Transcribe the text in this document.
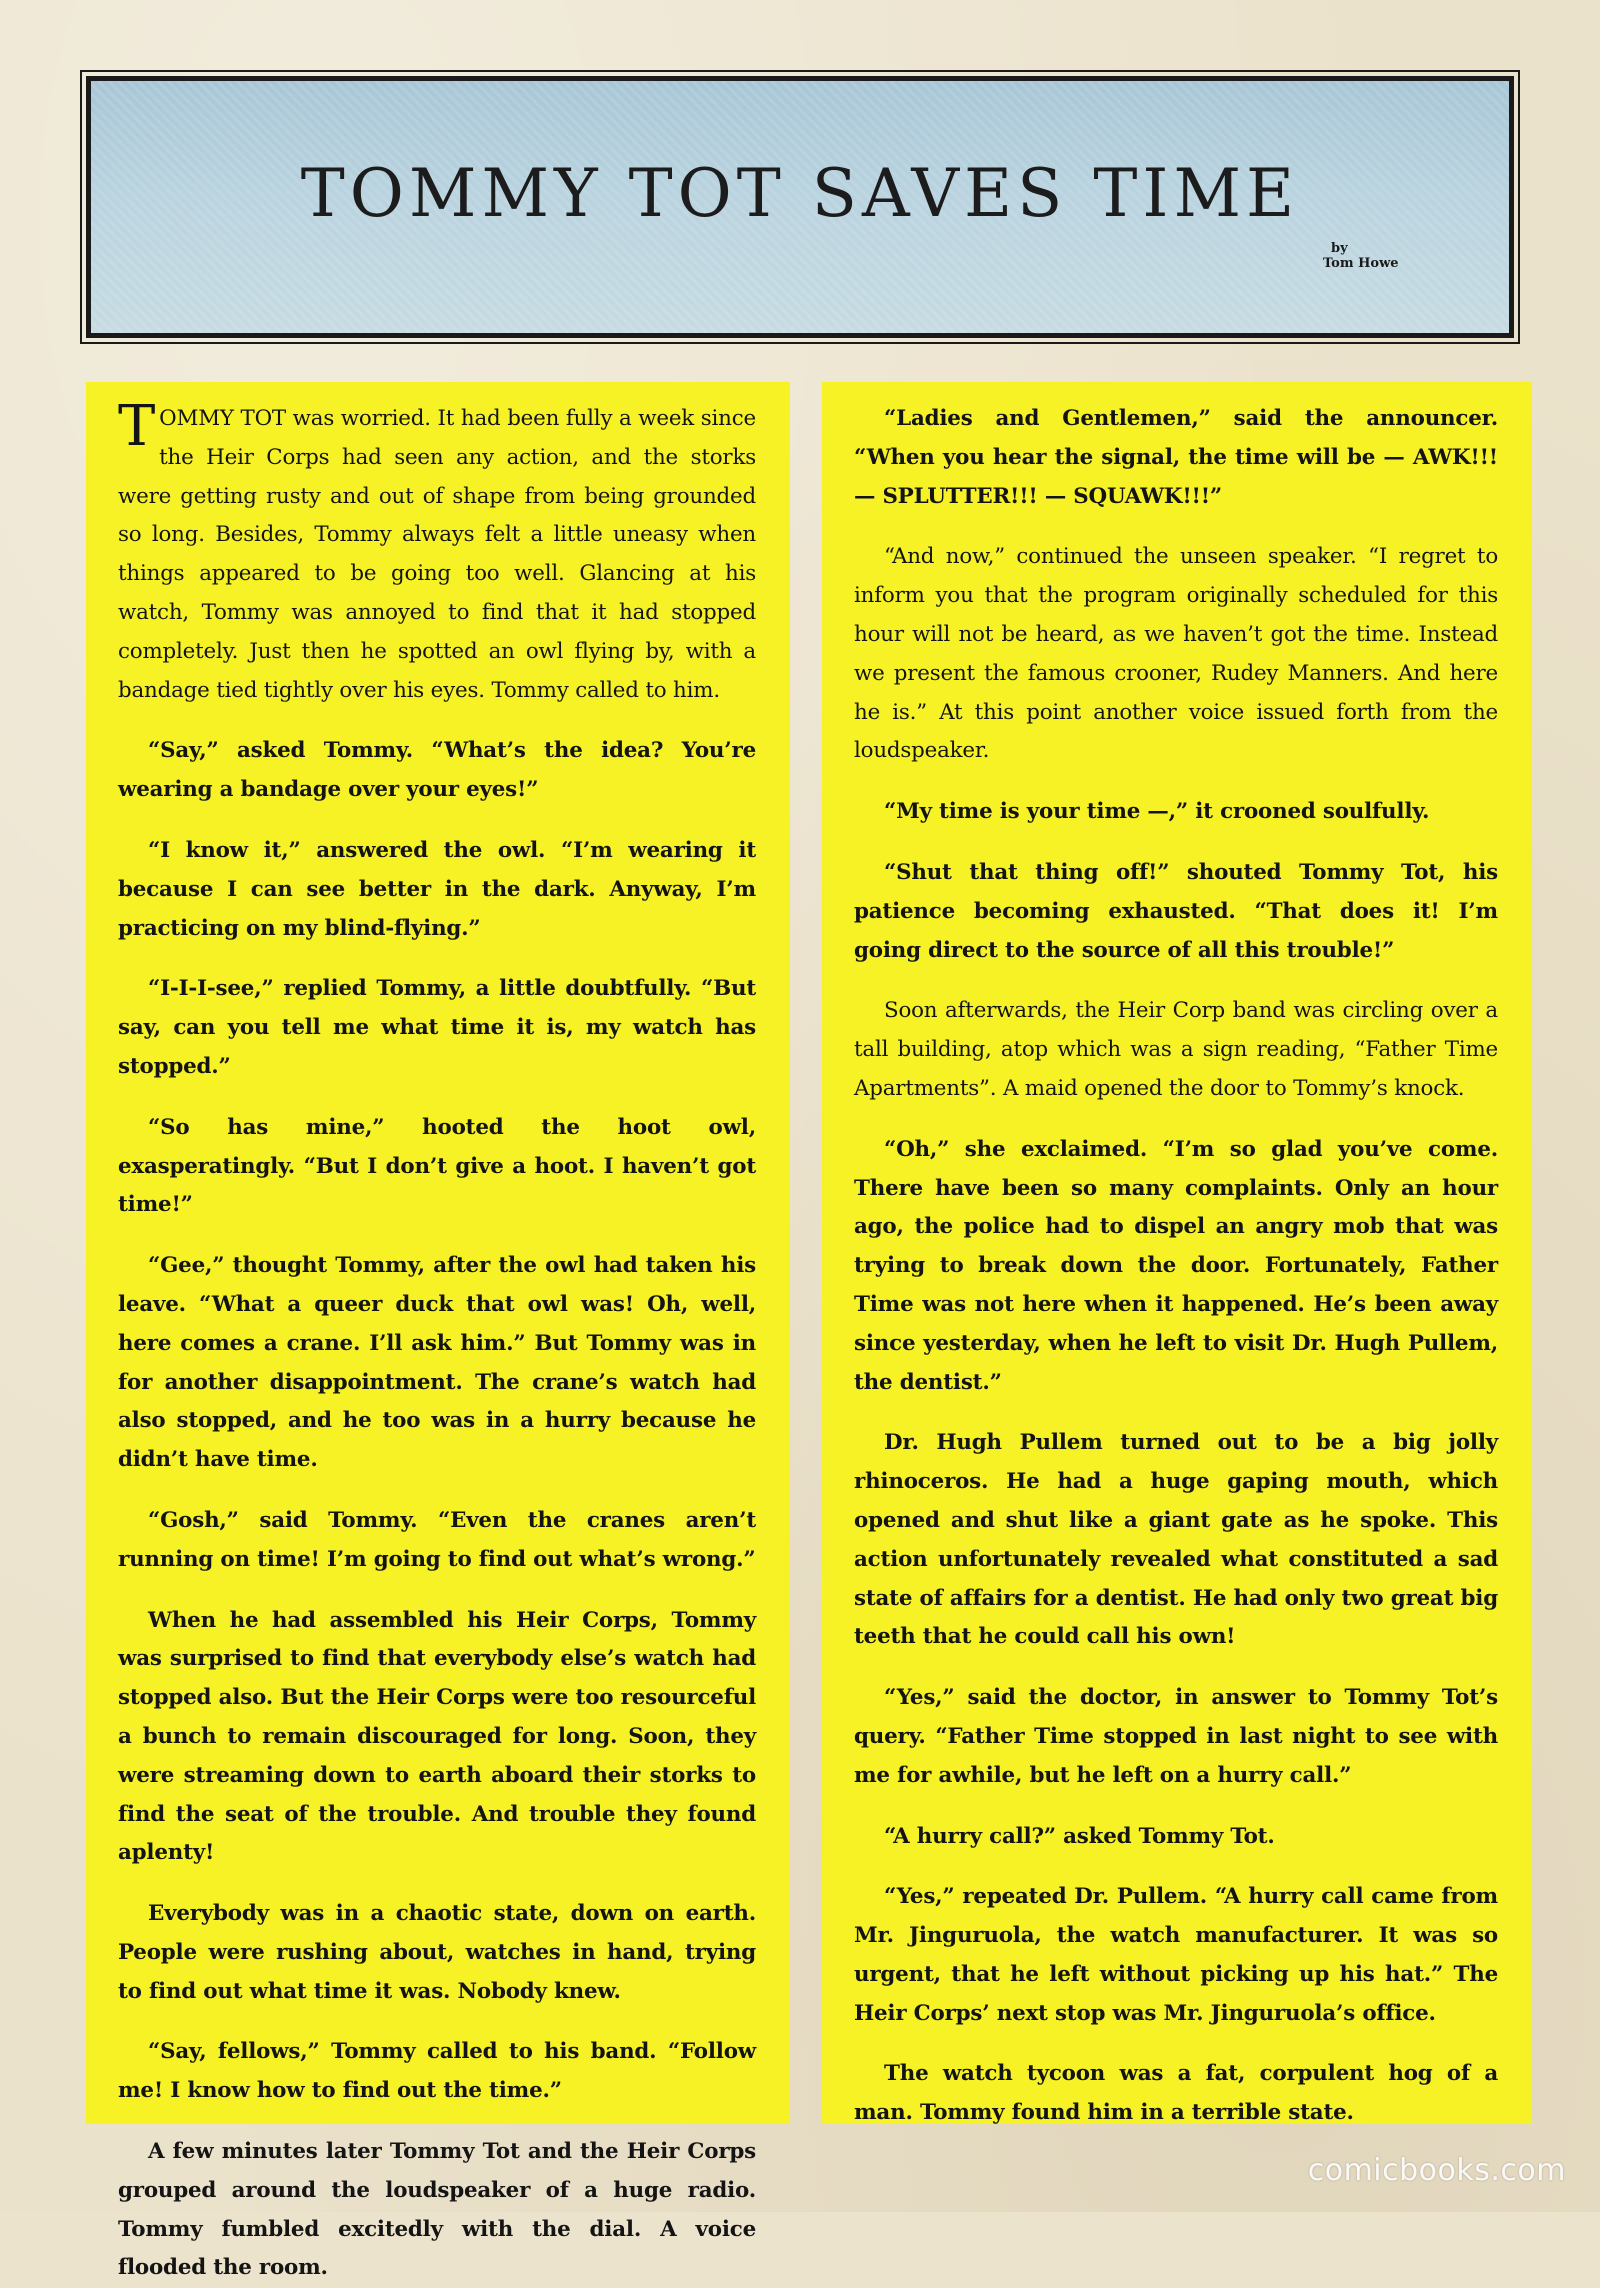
TOMMY TOT SAVES TIME
by
Tom Howe

TOMMY TOT was worried. It had been fully a week since the Heir Corps had seen any action, and the storks were getting rusty and out of shape from being grounded so long. Besides, Tommy always felt a little uneasy when things appeared to be going too well. Glancing at his watch, Tommy was annoyed to find that it had stopped completely. Just then he spotted an owl flying by, with a bandage tied tightly over his eyes. Tommy called to him.

“Say,” asked Tommy. “What’s the idea? You’re wearing a bandage over your eyes!”

“I know it,” answered the owl. “I’m wearing it because I can see better in the dark. Anyway, I’m practicing on my blind-flying.”

“I-I-I-see,” replied Tommy, a little doubtfully. “But say, can you tell me what time it is, my watch has stopped.”

“So has mine,” hooted the hoot owl, exasperatingly. “But I don’t give a hoot. I haven’t got time!”

“Gee,” thought Tommy, after the owl had taken his leave. “What a queer duck that owl was! Oh, well, here comes a crane. I’ll ask him.” But Tommy was in for another disappointment. The crane’s watch had also stopped, and he too was in a hurry because he didn’t have time.

“Gosh,” said Tommy. “Even the cranes aren’t running on time! I’m going to find out what’s wrong.”

When he had assembled his Heir Corps, Tommy was surprised to find that everybody else’s watch had stopped also. But the Heir Corps were too resourceful a bunch to remain discouraged for long. Soon, they were streaming down to earth aboard their storks to find the seat of the trouble. And trouble they found aplenty!

Everybody was in a chaotic state, down on earth. People were rushing about, watches in hand, trying to find out what time it was. Nobody knew.

“Say, fellows,” Tommy called to his band. “Follow me! I know how to find out the time.”

A few minutes later Tommy Tot and the Heir Corps grouped around the loudspeaker of a huge radio. Tommy fumbled excitedly with the dial. A voice flooded the room.

“Ladies and Gentlemen,” said the announcer. “When you hear the signal, the time will be — AWK!!! — SPLUTTER!!! — SQUAWK!!!”

“And now,” continued the unseen speaker. “I regret to inform you that the program originally scheduled for this hour will not be heard, as we haven’t got the time. Instead we present the famous crooner, Rudey Manners. And here he is.” At this point another voice issued forth from the loudspeaker.

“My time is your time —,” it crooned soulfully.

“Shut that thing off!” shouted Tommy Tot, his patience becoming exhausted. “That does it! I’m going direct to the source of all this trouble!”

Soon afterwards, the Heir Corp band was circling over a tall building, atop which was a sign reading, “Father Time Apartments”. A maid opened the door to Tommy’s knock.

“Oh,” she exclaimed. “I’m so glad you’ve come. There have been so many complaints. Only an hour ago, the police had to dispel an angry mob that was trying to break down the door. Fortunately, Father Time was not here when it happened. He’s been away since yesterday, when he left to visit Dr. Hugh Pullem, the dentist.”

Dr. Hugh Pullem turned out to be a big jolly rhinoceros. He had a huge gaping mouth, which opened and shut like a giant gate as he spoke. This action unfortunately revealed what constituted a sad state of affairs for a dentist. He had only two great big teeth that he could call his own!

“Yes,” said the doctor, in answer to Tommy Tot’s query. “Father Time stopped in last night to see with me for awhile, but he left on a hurry call.”

“A hurry call?” asked Tommy Tot.

“Yes,” repeated Dr. Pullem. “A hurry call came from Mr. Jinguruola, the watch manufacturer. It was so urgent, that he left without picking up his hat.” The Heir Corps’ next stop was Mr. Jinguruola’s office.

The watch tycoon was a fat, corpulent hog of a man. Tommy found him in a terrible state.

comicbooks.com
